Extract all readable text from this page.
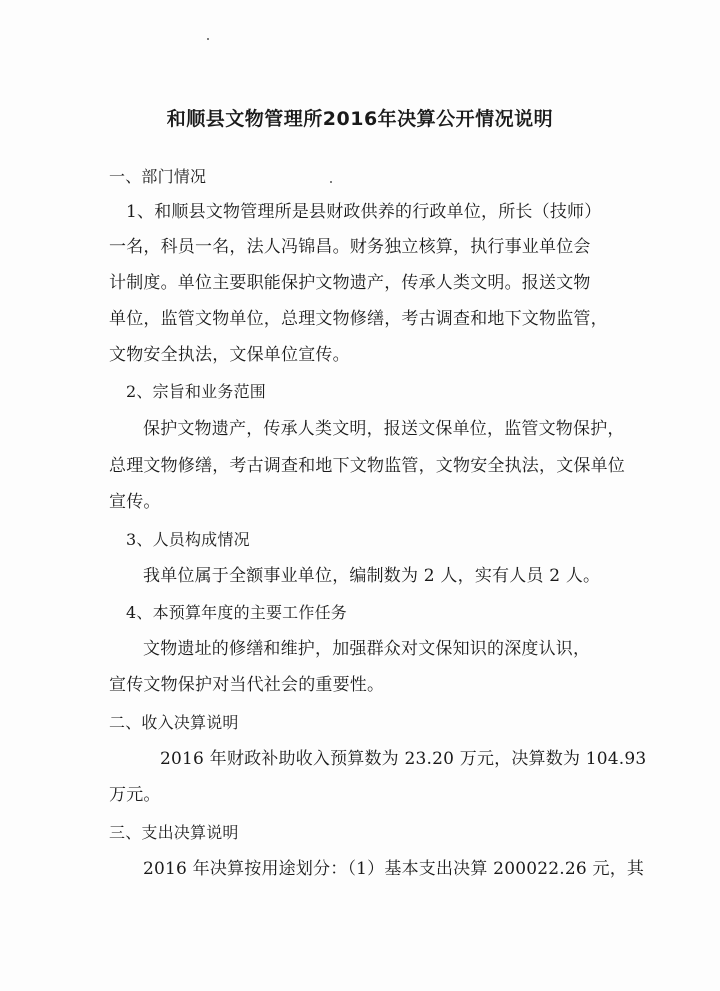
和顺县文物管理所2016年决算公开情况说明
一、部门情况
1、和顺县文物管理所是县财政供养的行政单位，所长（技师）
一名，科员一名，法人冯锦昌。财务独立核算，执行事业单位会
计制度。单位主要职能保护文物遗产，传承人类文明。报送文物
单位，监管文物单位，总理文物修缮，考古调查和地下文物监管，
文物安全执法，文保单位宣传。
2、宗旨和业务范围
保护文物遗产，传承人类文明，报送文保单位，监管文物保护，
总理文物修缮，考古调查和地下文物监管，文物安全执法，文保单位
宣传。
3、人员构成情况
我单位属于全额事业单位，编制数为 2 人，实有人员 2 人。
4、本预算年度的主要工作任务
文物遗址的修缮和维护，加强群众对文保知识的深度认识，
宣传文物保护对当代社会的重要性。
二、收入决算说明
2016 年财政补助收入预算数为 23.20 万元，决算数为 104.93
万元。
三、支出决算说明
2016 年决算按用途划分：（1）基本支出决算 200022.26 元，其
